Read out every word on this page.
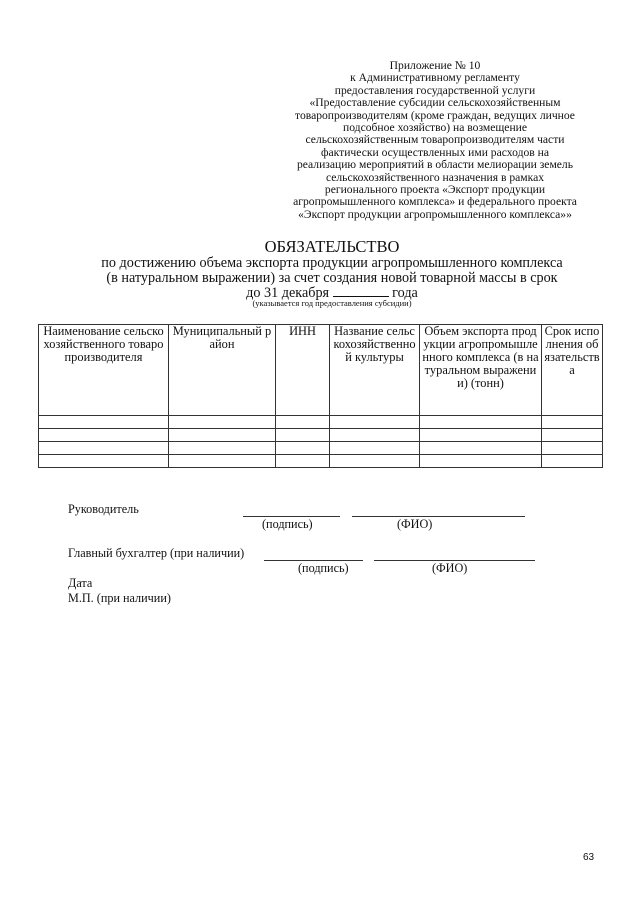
Приложение № 10
к Административному регламенту
предоставления государственной услуги
«Предоставление субсидии сельскохозяйственным
товаропроизводителям (кроме граждан, ведущих личное
подсобное хозяйство) на возмещение
сельскохозяйственным товаропроизводителям части
фактически осуществленных ими расходов на
реализацию мероприятий в области мелиорации земель
сельскохозяйственного назначения в рамках
регионального проекта «Экспорт продукции
агропромышленного комплекса» и федерального проекта
«Экспорт продукции агропромышленного комплекса»»
ОБЯЗАТЕЛЬСТВО
по достижению объема экспорта продукции агропромышленного комплекса
(в натуральном выражении) за счет создания новой товарной массы в срок
до 31 декабря	года
(указывается год предоставления субсидии)
Наименование сельскохозяйственного товаропроизводителя	Муниципальный район	ИНН	Название сельскохозяйственной культуры	Объем экспорта продукции агропромышленного комплекса (в натуральном выражении) (тонн)	Срок исполнения обязательства

Руководитель
(подпись)	(ФИО)
Главный бухгалтер (при наличии)
(подпись)	(ФИО)
Дата
М.П. (при наличии)
63
